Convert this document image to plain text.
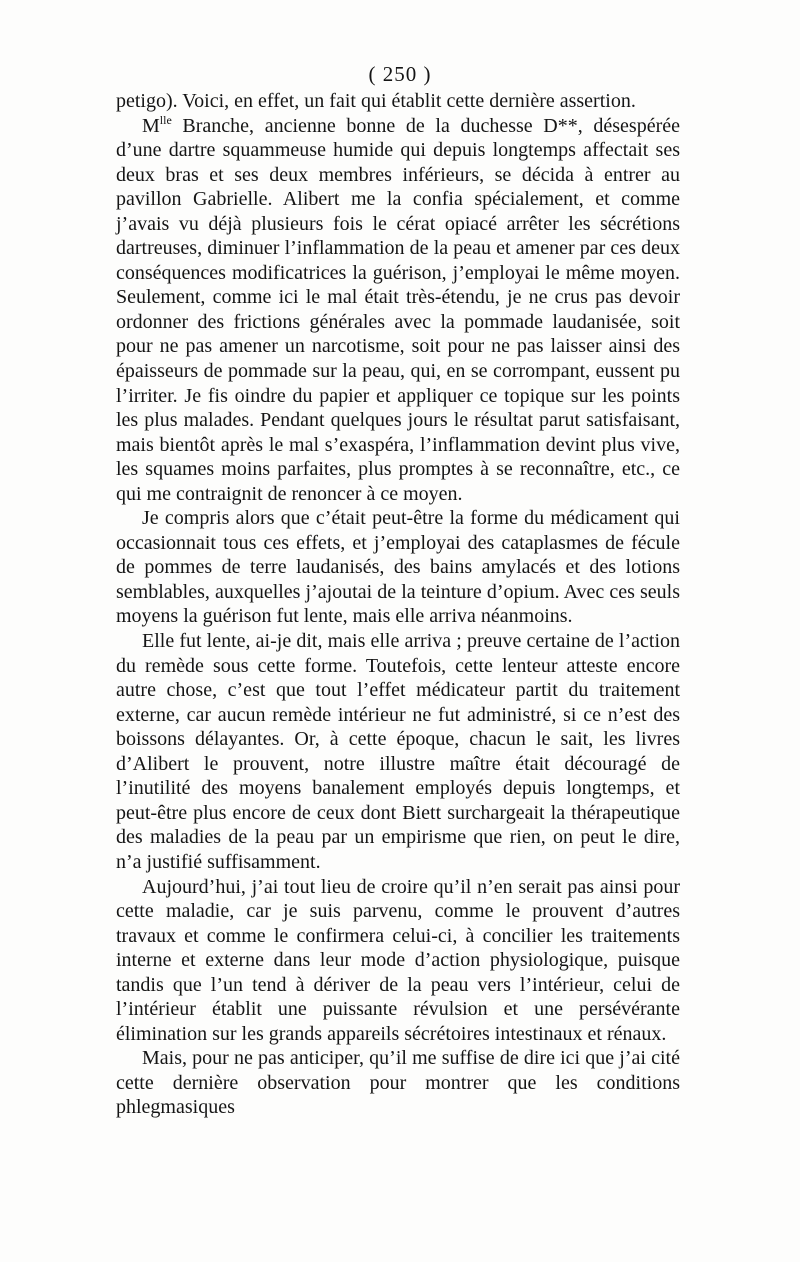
( 250 )

petigo). Voici, en effet, un fait qui établit cette dernière assertion.

$M^{lle}$ Branche, ancienne bonne de la duchesse D**, désespérée d’une dartre squammeuse humide qui depuis longtemps affectait ses deux bras et ses deux membres inférieurs, se décida à entrer au pavillon Gabrielle. Alibert me la confia spécialement, et comme j’avais vu déjà plusieurs fois le cérat opiacé arrêter les sécrétions dartreuses, diminuer l’inflammation de la peau et amener par ces deux conséquences modificatrices la guérison, j’employai le même moyen. Seulement, comme ici le mal était très-étendu, je ne crus pas devoir ordonner des frictions générales avec la pommade laudanisée, soit pour ne pas amener un narcotisme, soit pour ne pas laisser ainsi des épaisseurs de pommade sur la peau, qui, en se corrompant, eussent pu l’irriter. Je fis oindre du papier et appliquer ce topique sur les points les plus malades. Pendant quelques jours le résultat parut satisfaisant, mais bientôt après le mal s’exaspéra, l’inflammation devint plus vive, les squames moins parfaites, plus promptes à se reconnaître, etc., ce qui me contraignit de renoncer à ce moyen.

Je compris alors que c’était peut-être la forme du médicament qui occasionnait tous ces effets, et j’employai des cataplasmes de fécule de pommes de terre laudanisés, des bains amylacés et des lotions semblables, auxquelles j’ajoutai de la teinture d’opium. Avec ces seuls moyens la guérison fut lente, mais elle arriva néanmoins.

Elle fut lente, ai-je dit, mais elle arriva ; preuve certaine de l’action du remède sous cette forme. Toutefois, cette lenteur atteste encore autre chose, c’est que tout l’effet médicateur partit du traitement externe, car aucun remède intérieur ne fut administré, si ce n’est des boissons délayantes. Or, à cette époque, chacun le sait, les livres d’Alibert le prouvent, notre illustre maître était découragé de l’inutilité des moyens banalement employés depuis longtemps, et peut-être plus encore de ceux dont Biett surchargeait la thérapeutique des maladies de la peau par un empirisme que rien, on peut le dire, n’a justifié suffisamment.

Aujourd’hui, j’ai tout lieu de croire qu’il n’en serait pas ainsi pour cette maladie, car je suis parvenu, comme le prouvent d’autres travaux et comme le confirmera celui-ci, à concilier les traitements interne et externe dans leur mode d’action physiologique, puisque tandis que l’un tend à dériver de la peau vers l’intérieur, celui de l’intérieur établit une puissante révulsion et une persévérante élimination sur les grands appareils sécrétoires intestinaux et rénaux.

Mais, pour ne pas anticiper, qu’il me suffise de dire ici que j’ai cité cette dernière observation pour montrer que les conditions phlegmasiques
